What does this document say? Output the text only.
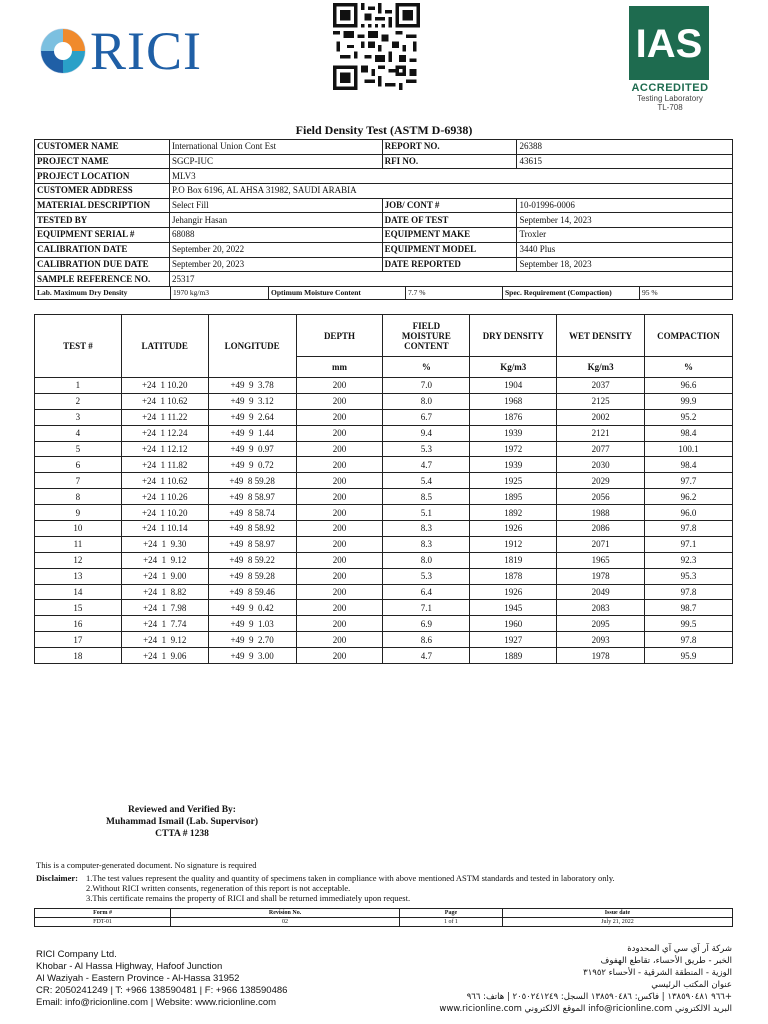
RICI	IAS
ACCREDITED
Testing Laboratory
TL-708
Field Density Test (ASTM D-6938)
CUSTOMER NAME	International Union Cont Est	REPORT NO.	26388
PROJECT NAME	SGCP-IUC	RFI NO.	43615
PROJECT LOCATION	MLV3
CUSTOMER ADDRESS	P.O Box 6196, AL AHSA 31982, SAUDI ARABIA
MATERIAL DESCRIPTION	Select Fill	JOB/ CONT #	10-01996-0006
TESTED BY	Jehangir Hasan	DATE OF TEST	September 14, 2023
EQUIPMENT SERIAL #	68088	EQUIPMENT MAKE	Troxler
CALIBRATION DATE	September 20, 2022	EQUIPMENT MODEL	3440 Plus
CALIBRATION DUE DATE	September 20, 2023	DATE REPORTED	September 18, 2023
SAMPLE REFERENCE NO.	25317

Lab. Maximum Dry Density	1970 kg/m3	Optimum Moisture Content	7.7 %	Spec. Requirement (Compaction)	95 %
TEST #	LATITUDE	LONGITUDE	DEPTH	FIELD MOISTURE CONTENT	DRY DENSITY	WET DENSITY	COMPACTION
			mm	%	Kg/m3	Kg/m3	%
1	+24  1 10.20	+49  9  3.78	200	7.0	1904	2037	96.6
2	+24  1 10.62	+49  9  3.12	200	8.0	1968	2125	99.9
3	+24  1 11.22	+49  9  2.64	200	6.7	1876	2002	95.2
4	+24  1 12.24	+49  9  1.44	200	9.4	1939	2121	98.4
5	+24  1 12.12	+49  9  0.97	200	5.3	1972	2077	100.1
6	+24  1 11.82	+49  9  0.72	200	4.7	1939	2030	98.4
7	+24  1 10.62	+49  8 59.28	200	5.4	1925	2029	97.7
8	+24  1 10.26	+49  8 58.97	200	8.5	1895	2056	96.2
9	+24  1 10.20	+49  8 58.74	200	5.1	1892	1988	96.0
10	+24  1 10.14	+49  8 58.92	200	8.3	1926	2086	97.8
11	+24  1  9.30	+49  8 58.97	200	8.3	1912	2071	97.1
12	+24  1  9.12	+49  8 59.22	200	8.0	1819	1965	92.3
13	+24  1  9.00	+49  8 59.28	200	5.3	1878	1978	95.3
14	+24  1  8.82	+49  8 59.46	200	6.4	1926	2049	97.8
15	+24  1  7.98	+49  9  0.42	200	7.1	1945	2083	98.7
16	+24  1  7.74	+49  9  1.03	200	6.9	1960	2095	99.5
17	+24  1  9.12	+49  9  2.70	200	8.6	1927	2093	97.8
18	+24  1  9.06	+49  9  3.00	200	4.7	1889	1978	95.9
Reviewed and Verified By:
Muhammad Ismail (Lab. Supervisor)
CTTA # 1238
This is a computer-generated document. No signature is required
Disclaimer: 1.The test values represent the quality and quantity of specimens taken in compliance with above mentioned ASTM standards and tested in laboratory only.
2.Without RICI written consents, regeneration of this report is not acceptable.
3.This certificate remains the property of RICI and shall be returned immediately upon request.
Form #	Revision No.	Page	Issue date
FDT-01	02	1 of 1	July 21, 2022
RICI Company Ltd.
Khobar - Al Hassa Highway, Hafoof Junction
Al Waziyah - Eastern Province - Al-Hassa 31952
CR: 2050241249 | T: +966 138590481 | F: +966 138590486
Email: info@ricionline.com | Website: www.ricionline.com
شركة آر آي سي آي المحدودة
الخبر - طريق الأحساء، تقاطع الهفوف
الوزية - المنطقة الشرقية - الأحساء ٣١٩٥٢
عنوان المكتب الرئيسي
+٩٦٦ ١٣٨٥٩٠٤٨١ | فاكس: ١٣٨٥٩٠٤٨٦ السجل: ٢٠٥٠٢٤١٢٤٩ | هاتف: ٩٦٦
البريد الالكتروني info@ricionline.com الموقع الالكتروني www.ricionline.com
